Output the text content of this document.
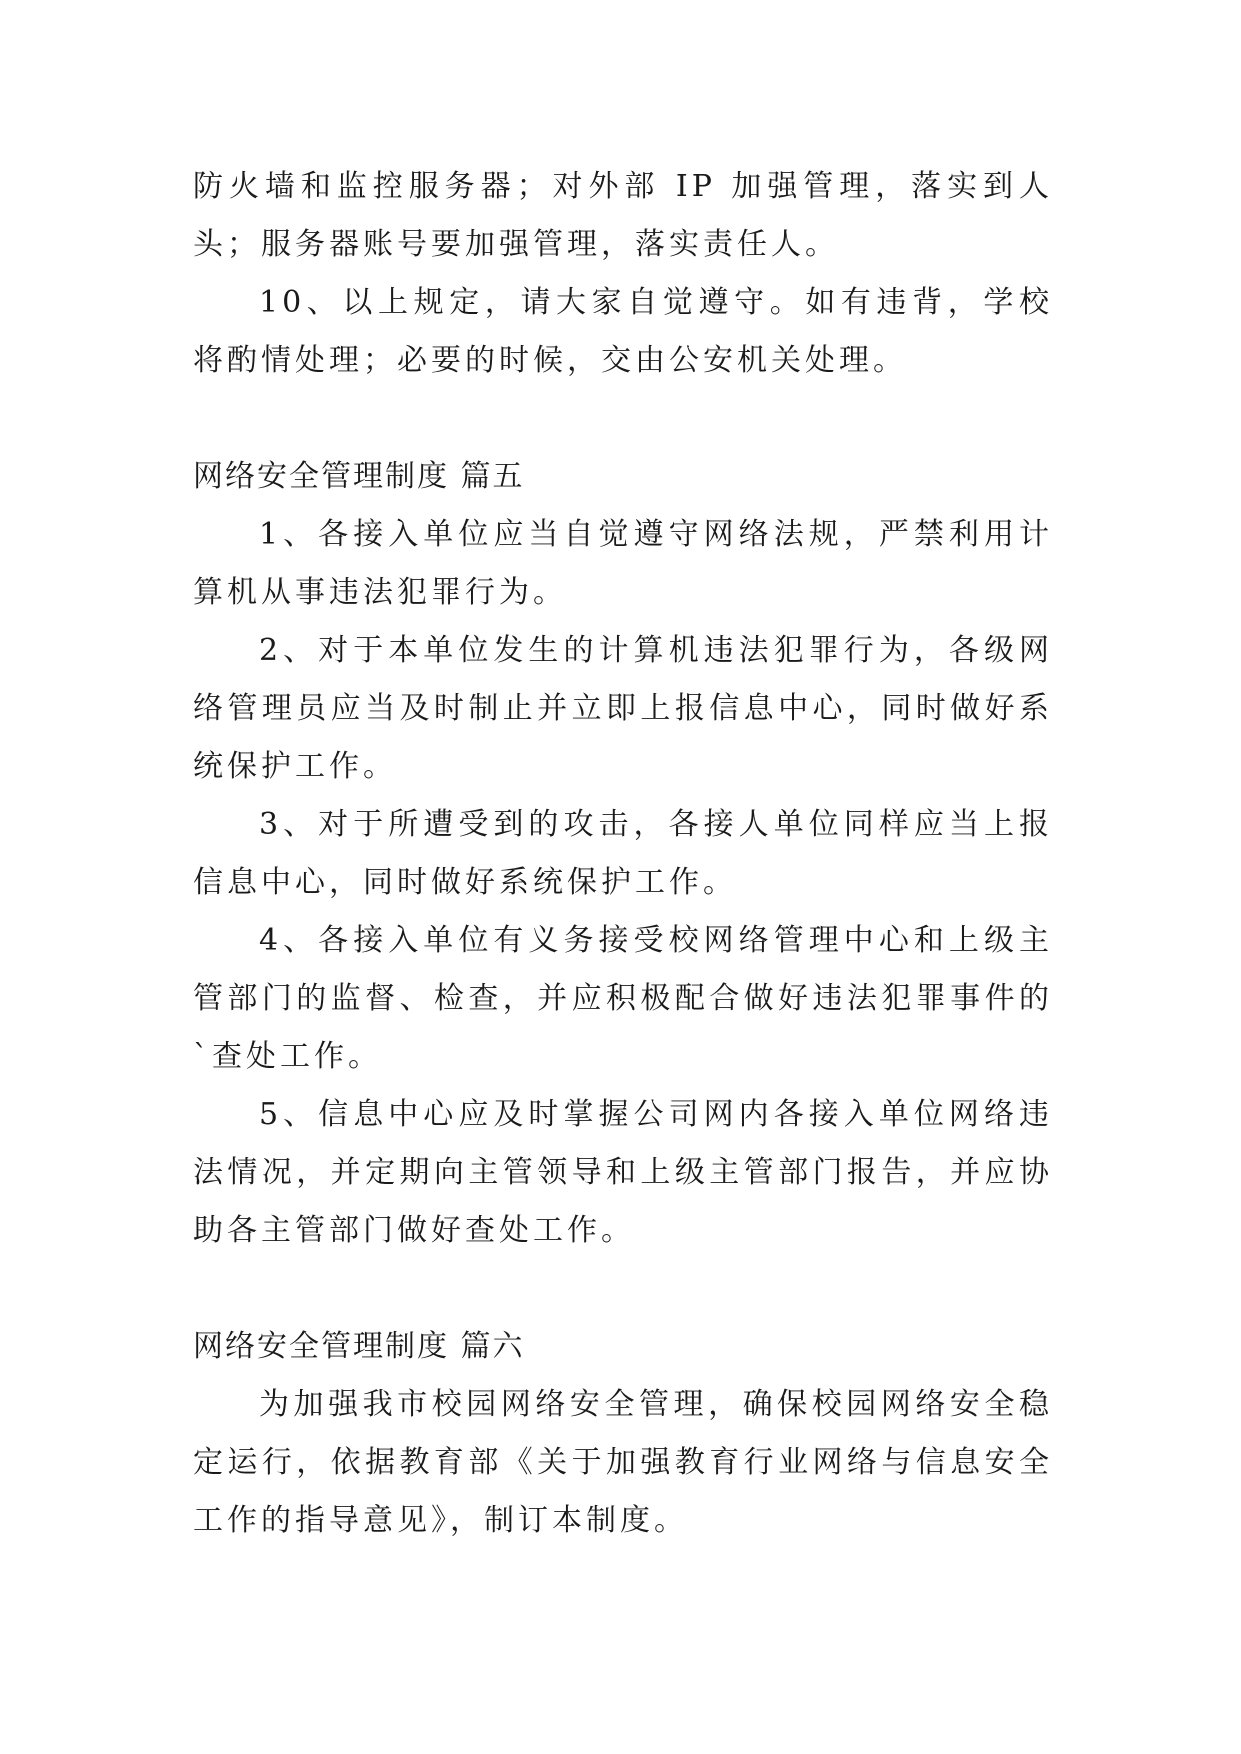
防火墙和监控服务器；对外部 IP 加强管理，落实到人头；服务器账号要加强管理，落实责任人。

10、以上规定，请大家自觉遵守。如有违背，学校将酌情处理；必要的时候，交由公安机关处理。

网络安全管理制度 篇五

1、各接入单位应当自觉遵守网络法规，严禁利用计算机从事违法犯罪行为。

2、对于本单位发生的计算机违法犯罪行为，各级网络管理员应当及时制止并立即上报信息中心，同时做好系统保护工作。

3、对于所遭受到的攻击，各接人单位同样应当上报信息中心，同时做好系统保护工作。

4、各接入单位有义务接受校网络管理中心和上级主管部门的监督、检查，并应积极配合做好违法犯罪事件的`查处工作。

5、信息中心应及时掌握公司网内各接入单位网络违法情况，并定期向主管领导和上级主管部门报告，并应协助各主管部门做好查处工作。

网络安全管理制度 篇六

为加强我市校园网络安全管理，确保校园网络安全稳定运行，依据教育部《关于加强教育行业网络与信息安全工作的指导意见》，制订本制度。
